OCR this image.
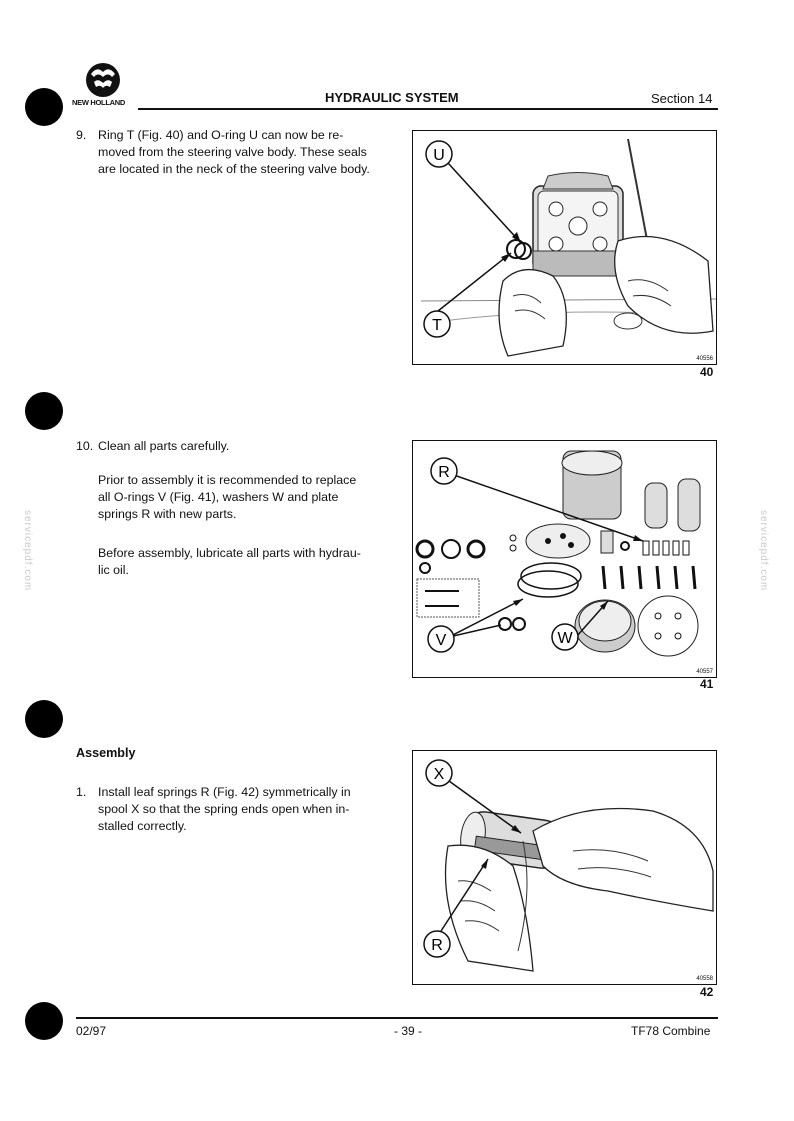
NEW HOLLAND	HYDRAULIC SYSTEM	Section 14
9. Ring T (Fig. 40) and O-ring U can now be re-
moved from the steering valve body. These seals
are located in the neck of the steering valve body.
U
T
40556
40
10. Clean all parts carefully.
Prior to assembly it is recommended to replace
all O-rings V (Fig. 41), washers W and plate
springs R with new parts.
Before assembly, lubricate all parts with hydrau-
lic oil.
R
V	W
40557
41
Assembly
1. Install leaf springs R (Fig. 42) symmetrically in
spool X so that the spring ends open when in-
stalled correctly.
X
R
40558
42
servicepdf.com	servicepdf.com
02/97	- 39 -	TF78 Combine
